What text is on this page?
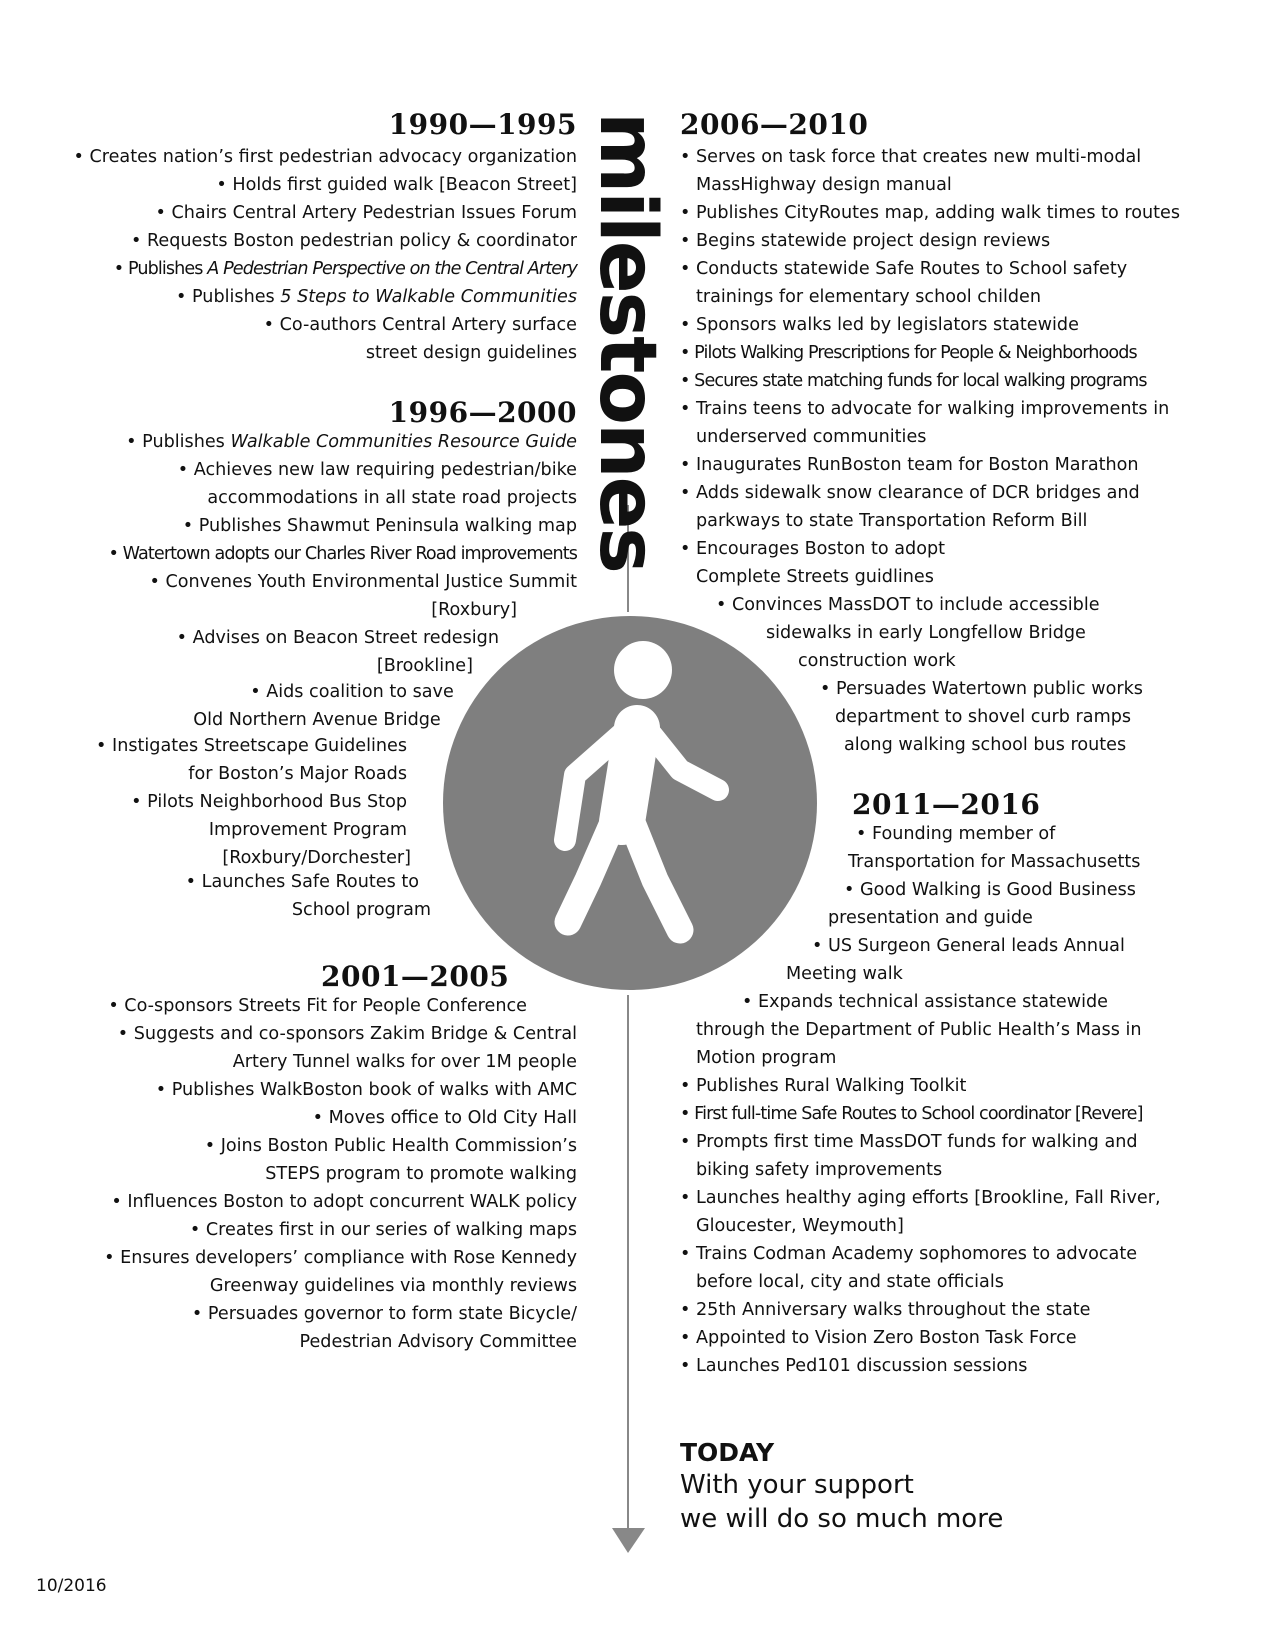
milestones
1990—1995
• Creates nation’s first pedestrian advocacy organization
• Holds first guided walk [Beacon Street]
• Chairs Central Artery Pedestrian Issues Forum
• Requests Boston pedestrian policy & coordinator
• Publishes A Pedestrian Perspective on the Central Artery
• Publishes 5 Steps to Walkable Communities
• Co-authors Central Artery surface
street design guidelines
1996—2000
• Publishes Walkable Communities Resource Guide
• Achieves new law requiring pedestrian/bike
accommodations in all state road projects
• Publishes Shawmut Peninsula walking map
• Watertown adopts our Charles River Road improvements
• Convenes Youth Environmental Justice Summit
[Roxbury]
• Advises on Beacon Street redesign
[Brookline]
• Aids coalition to save
Old Northern Avenue Bridge
• Instigates Streetscape Guidelines
for Boston’s Major Roads
• Pilots Neighborhood Bus Stop
Improvement Program
[Roxbury/Dorchester]
• Launches Safe Routes to
School program
2001—2005
• Co-sponsors Streets Fit for People Conference
• Suggests and co-sponsors Zakim Bridge & Central
Artery Tunnel walks for over 1M people
• Publishes WalkBoston book of walks with AMC
• Moves office to Old City Hall
• Joins Boston Public Health Commission’s
STEPS program to promote walking
• Influences Boston to adopt concurrent WALK policy
• Creates first in our series of walking maps
• Ensures developers’ compliance with Rose Kennedy
Greenway guidelines via monthly reviews
• Persuades governor to form state Bicycle/
Pedestrian Advisory Committee
2006—2010
• Serves on task force that creates new multi-modal
MassHighway design manual
• Publishes CityRoutes map, adding walk times to routes
• Begins statewide project design reviews
• Conducts statewide Safe Routes to School safety
trainings for elementary school childen
• Sponsors walks led by legislators statewide
• Pilots Walking Prescriptions for People & Neighborhoods
• Secures state matching funds for local walking programs
• Trains teens to advocate for walking improvements in
underserved communities
• Inaugurates RunBoston team for Boston Marathon
• Adds sidewalk snow clearance of DCR bridges and
parkways to state Transportation Reform Bill
• Encourages Boston to adopt
Complete Streets guidlines
• Convinces MassDOT to include accessible
sidewalks in early Longfellow Bridge
construction work
• Persuades Watertown public works
department to shovel curb ramps
along walking school bus routes
2011—2016
• Founding member of
Transportation for Massachusetts
• Good Walking is Good Business
presentation and guide
• US Surgeon General leads Annual
Meeting walk
• Expands technical assistance statewide
through the Department of Public Health’s Mass in
Motion program
• Publishes Rural Walking Toolkit
• First full-time Safe Routes to School coordinator [Revere]
• Prompts first time MassDOT funds for walking and
biking safety improvements
• Launches healthy aging efforts [Brookline, Fall River,
Gloucester, Weymouth]
• Trains Codman Academy sophomores to advocate
before local, city and state officials
• 25th Anniversary walks throughout the state
• Appointed to Vision Zero Boston Task Force
• Launches Ped101 discussion sessions
TODAY
With your support
we will do so much more
10/2016
